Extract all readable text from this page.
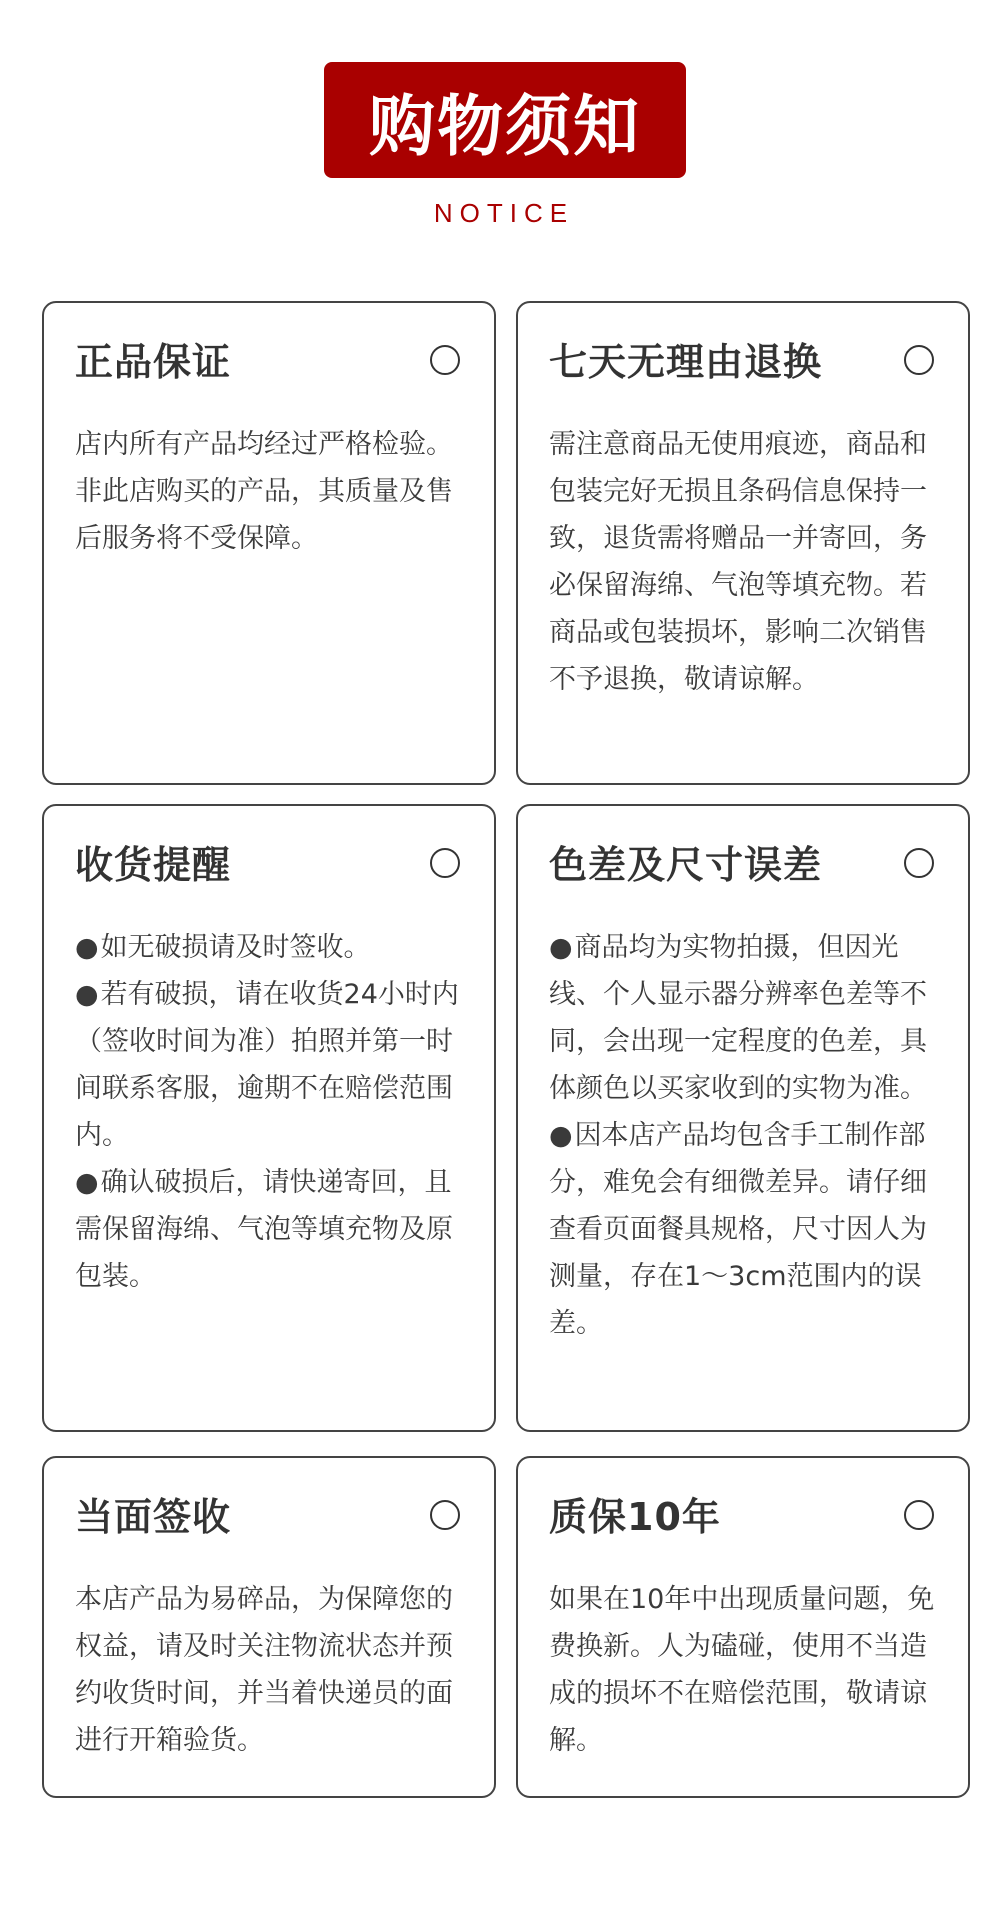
购物须知
NOTICE
正品保证

店内所有产品均经过严格检验。非此店购买的产品，其质量及售后服务将不受保障。

七天无理由退换

需注意商品无使用痕迹，商品和包装完好无损且条码信息保持一致，退货需将赠品一并寄回，务必保留海绵、气泡等填充物。若商品或包装损坏，影响二次销售不予退换，敬请谅解。

收货提醒

● 如无破损请及时签收。

● 若有破损，请在收货24小时内（签收时间为准）拍照并第一时间联系客服，逾期不在赔偿范围内。

● 确认破损后，请快递寄回，且需保留海绵、气泡等填充物及原包装。

色差及尺寸误差

● 商品均为实物拍摄，但因光线、个人显示器分辨率色差等不同，会出现一定程度的色差，具体颜色以买家收到的实物为准。

● 因本店产品均包含手工制作部分，难免会有细微差异。请仔细查看页面餐具规格，尺寸因人为测量，存在1～3cm范围内的误差。

当面签收

本店产品为易碎品，为保障您的权益，请及时关注物流状态并预约收货时间，并当着快递员的面进行开箱验货。

质保10年

如果在10年中出现质量问题，免费换新。人为磕碰，使用不当造成的损坏不在赔偿范围，敬请谅解。
